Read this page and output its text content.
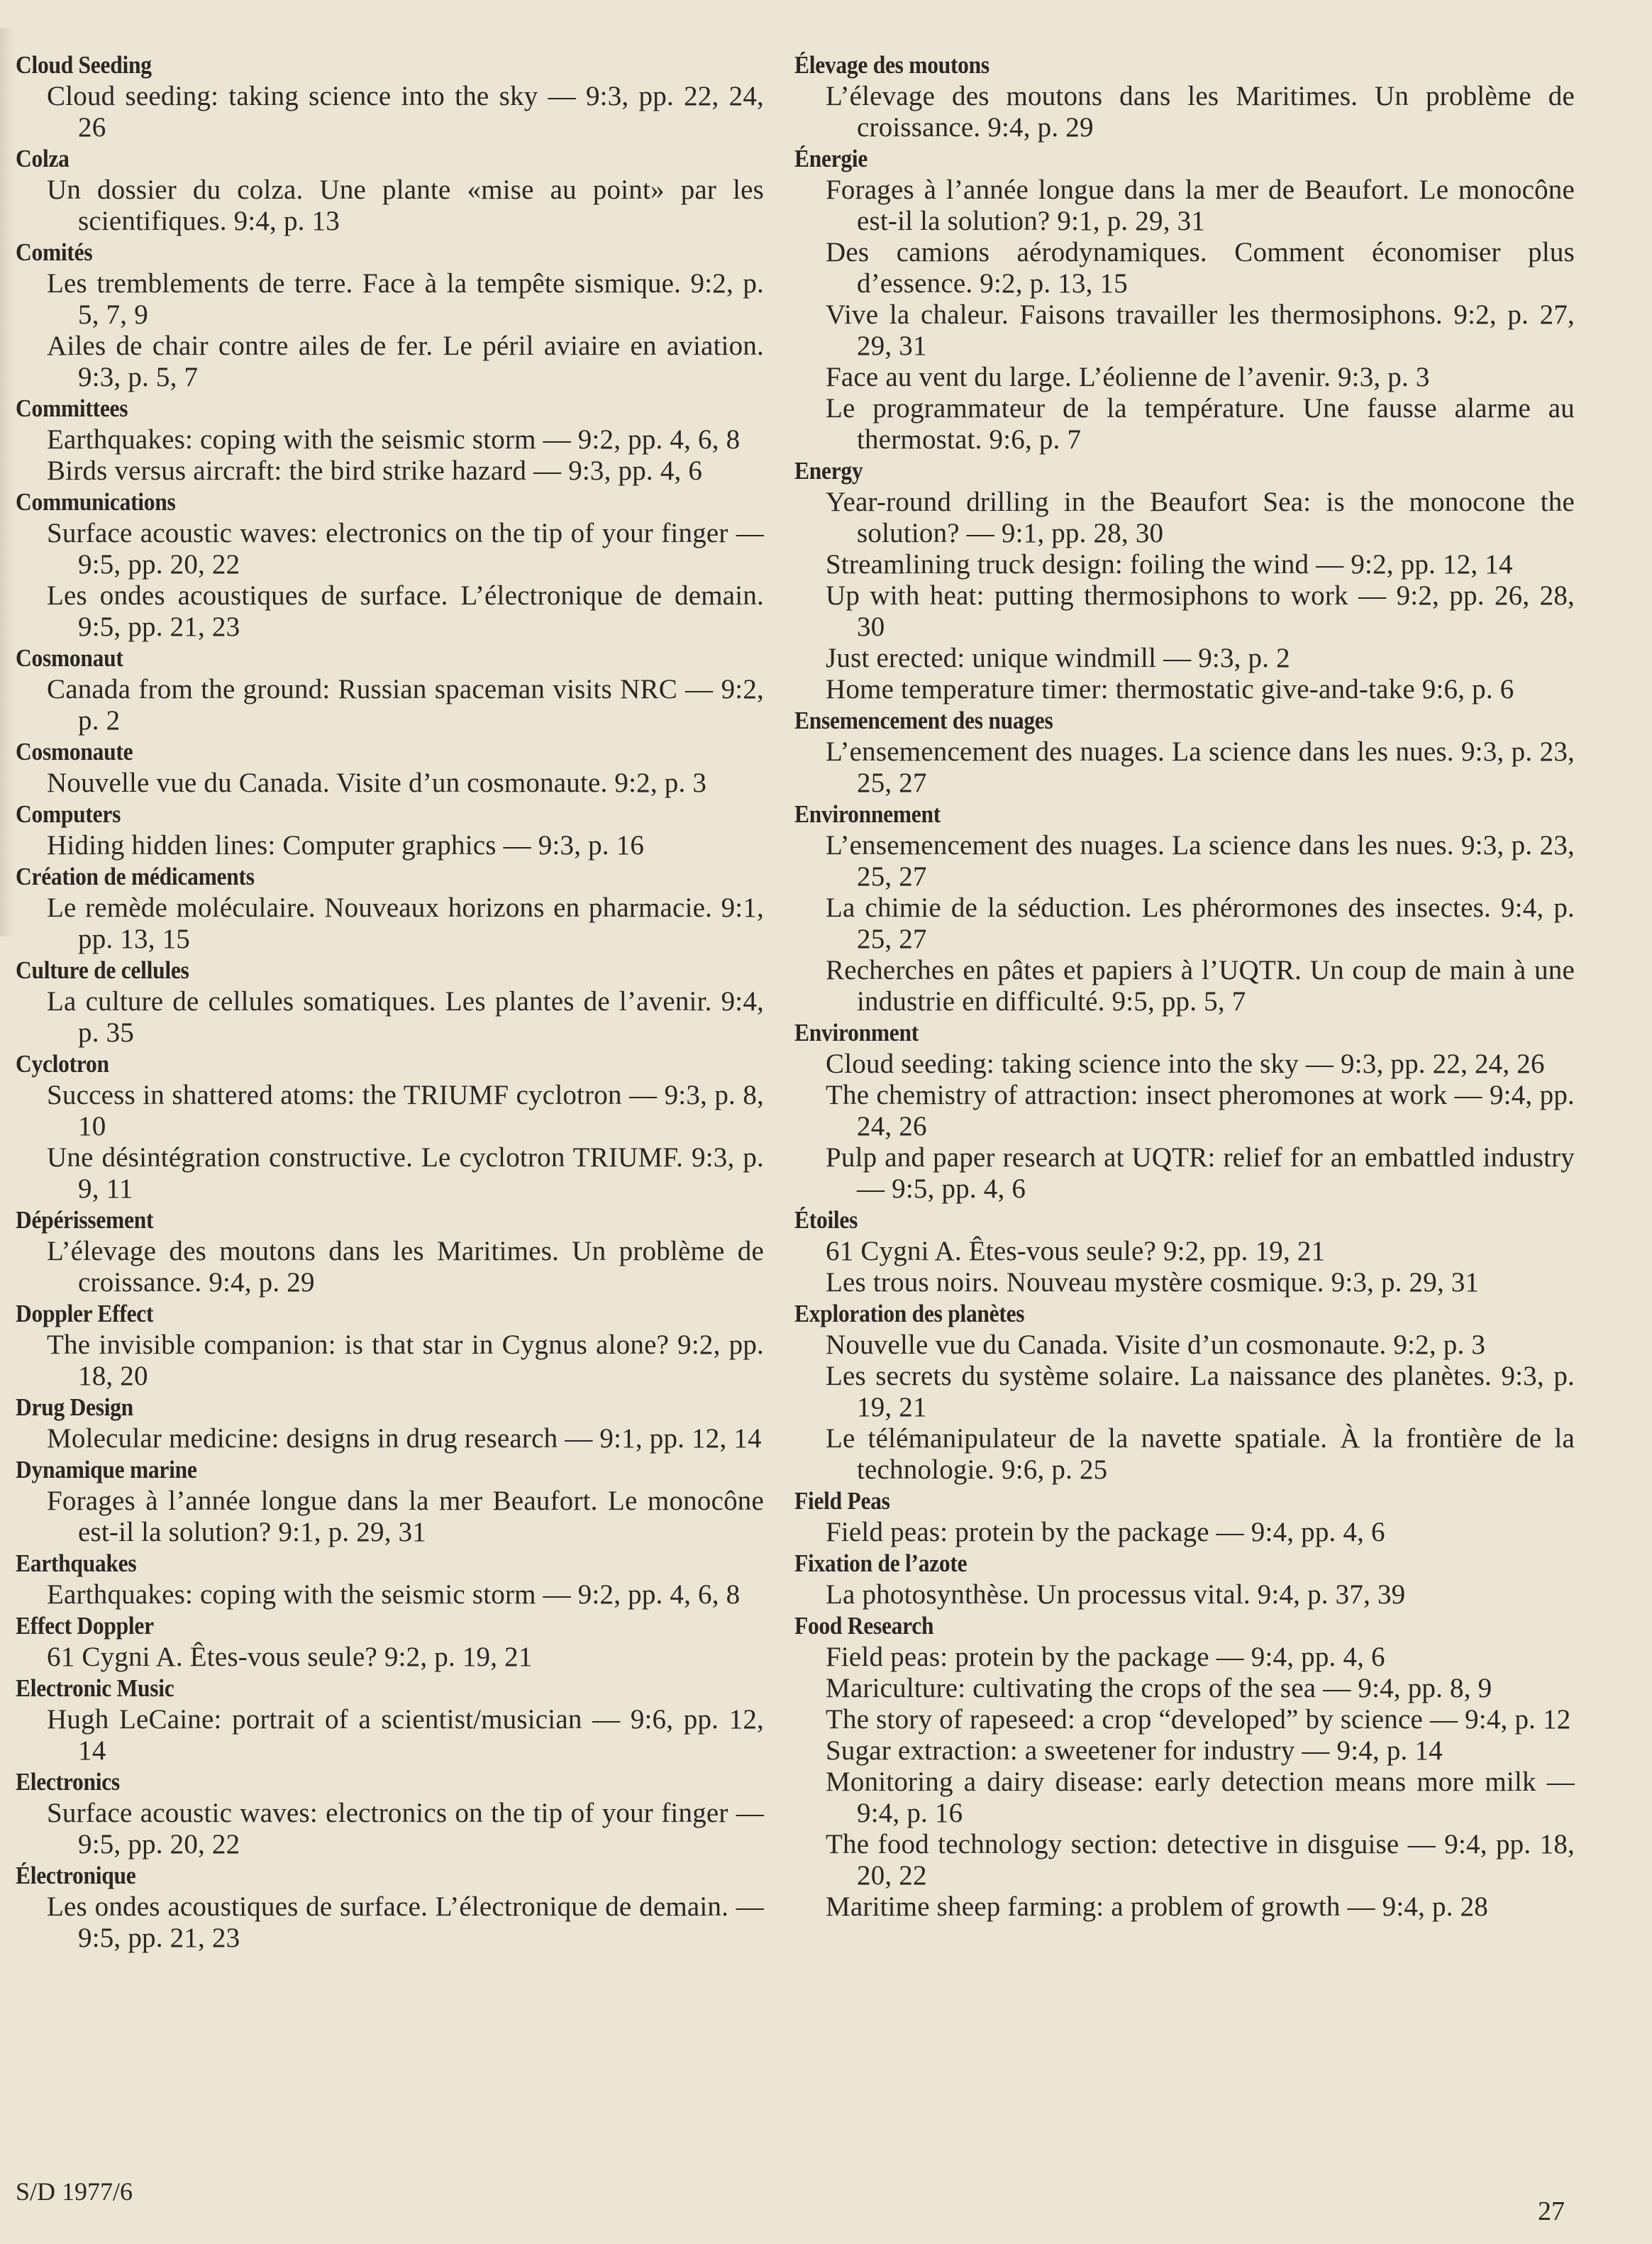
Cloud Seeding
Cloud seeding: taking science into the sky — 9:3, pp. 22, 24, 26
Colza
Un dossier du colza. Une plante «mise au point» par les scientifiques. 9:4, p. 13
Comités
Les tremblements de terre. Face à la tempête sismique. 9:2, p. 5, 7, 9
Ailes de chair contre ailes de fer. Le péril aviaire en aviation. 9:3, p. 5, 7
Committees
Earthquakes: coping with the seismic storm — 9:2, pp. 4, 6, 8
Birds versus aircraft: the bird strike hazard — 9:3, pp. 4, 6
Communications
Surface acoustic waves: electronics on the tip of your finger — 9:5, pp. 20, 22
Les ondes acoustiques de surface. L’électronique de demain. 9:5, pp. 21, 23
Cosmonaut
Canada from the ground: Russian spaceman visits NRC — 9:2, p. 2
Cosmonaute
Nouvelle vue du Canada. Visite d’un cosmonaute. 9:2, p. 3
Computers
Hiding hidden lines: Computer graphics — 9:3, p. 16
Création de médicaments
Le remède moléculaire. Nouveaux horizons en pharmacie. 9:1, pp. 13, 15
Culture de cellules
La culture de cellules somatiques. Les plantes de l’avenir. 9:4, p. 35
Cyclotron
Success in shattered atoms: the TRIUMF cyclotron — 9:3, p. 8, 10
Une désintégration constructive. Le cyclotron TRIUMF. 9:3, p. 9, 11
Dépérissement
L’élevage des moutons dans les Maritimes. Un problème de croissance. 9:4, p. 29
Doppler Effect
The invisible companion: is that star in Cygnus alone? 9:2, pp. 18, 20
Drug Design
Molecular medicine: designs in drug research — 9:1, pp. 12, 14
Dynamique marine
Forages à l’année longue dans la mer Beaufort. Le monocône est-il la solution? 9:1, p. 29, 31
Earthquakes
Earthquakes: coping with the seismic storm — 9:2, pp. 4, 6, 8
Effect Doppler
61 Cygni A. Êtes-vous seule? 9:2, p. 19, 21
Electronic Music
Hugh LeCaine: portrait of a scientist/musician — 9:6, pp. 12, 14
Electronics
Surface acoustic waves: electronics on the tip of your finger — 9:5, pp. 20, 22
Électronique
Les ondes acoustiques de surface. L’électronique de demain. — 9:5, pp. 21, 23
Élevage des moutons
L’élevage des moutons dans les Maritimes. Un problème de croissance. 9:4, p. 29
Énergie
Forages à l’année longue dans la mer de Beaufort. Le monocône est-il la solution? 9:1, p. 29, 31
Des camions aérodynamiques. Comment économiser plus d’essence. 9:2, p. 13, 15
Vive la chaleur. Faisons travailler les thermosiphons. 9:2, p. 27, 29, 31
Face au vent du large. L’éolienne de l’avenir. 9:3, p. 3
Le programmateur de la température. Une fausse alarme au thermostat. 9:6, p. 7
Energy
Year-round drilling in the Beaufort Sea: is the monocone the solution? — 9:1, pp. 28, 30
Streamlining truck design: foiling the wind — 9:2, pp. 12, 14
Up with heat: putting thermosiphons to work — 9:2, pp. 26, 28, 30
Just erected: unique windmill — 9:3, p. 2
Home temperature timer: thermostatic give-and-take 9:6, p. 6
Ensemencement des nuages
L’ensemencement des nuages. La science dans les nues. 9:3, p. 23, 25, 27
Environnement
L’ensemencement des nuages. La science dans les nues. 9:3, p. 23, 25, 27
La chimie de la séduction. Les phérormones des insectes. 9:4, p. 25, 27
Recherches en pâtes et papiers à l’UQTR. Un coup de main à une industrie en difficulté. 9:5, pp. 5, 7
Environment
Cloud seeding: taking science into the sky — 9:3, pp. 22, 24, 26
The chemistry of attraction: insect pheromones at work — 9:4, pp. 24, 26
Pulp and paper research at UQTR: relief for an embattled industry — 9:5, pp. 4, 6
Étoiles
61 Cygni A. Êtes-vous seule? 9:2, pp. 19, 21
Les trous noirs. Nouveau mystère cosmique. 9:3, p. 29, 31
Exploration des planètes
Nouvelle vue du Canada. Visite d’un cosmonaute. 9:2, p. 3
Les secrets du système solaire. La naissance des planètes. 9:3, p. 19, 21
Le télémanipulateur de la navette spatiale. À la frontière de la technologie. 9:6, p. 25
Field Peas
Field peas: protein by the package — 9:4, pp. 4, 6
Fixation de l’azote
La photosynthèse. Un processus vital. 9:4, p. 37, 39
Food Research
Field peas: protein by the package — 9:4, pp. 4, 6
Mariculture: cultivating the crops of the sea — 9:4, pp. 8, 9
The story of rapeseed: a crop “developed” by science — 9:4, p. 12
Sugar extraction: a sweetener for industry — 9:4, p. 14
Monitoring a dairy disease: early detection means more milk — 9:4, p. 16
The food technology section: detective in disguise — 9:4, pp. 18, 20, 22
Maritime sheep farming: a problem of growth — 9:4, p. 28
S/D 1977/6
27
